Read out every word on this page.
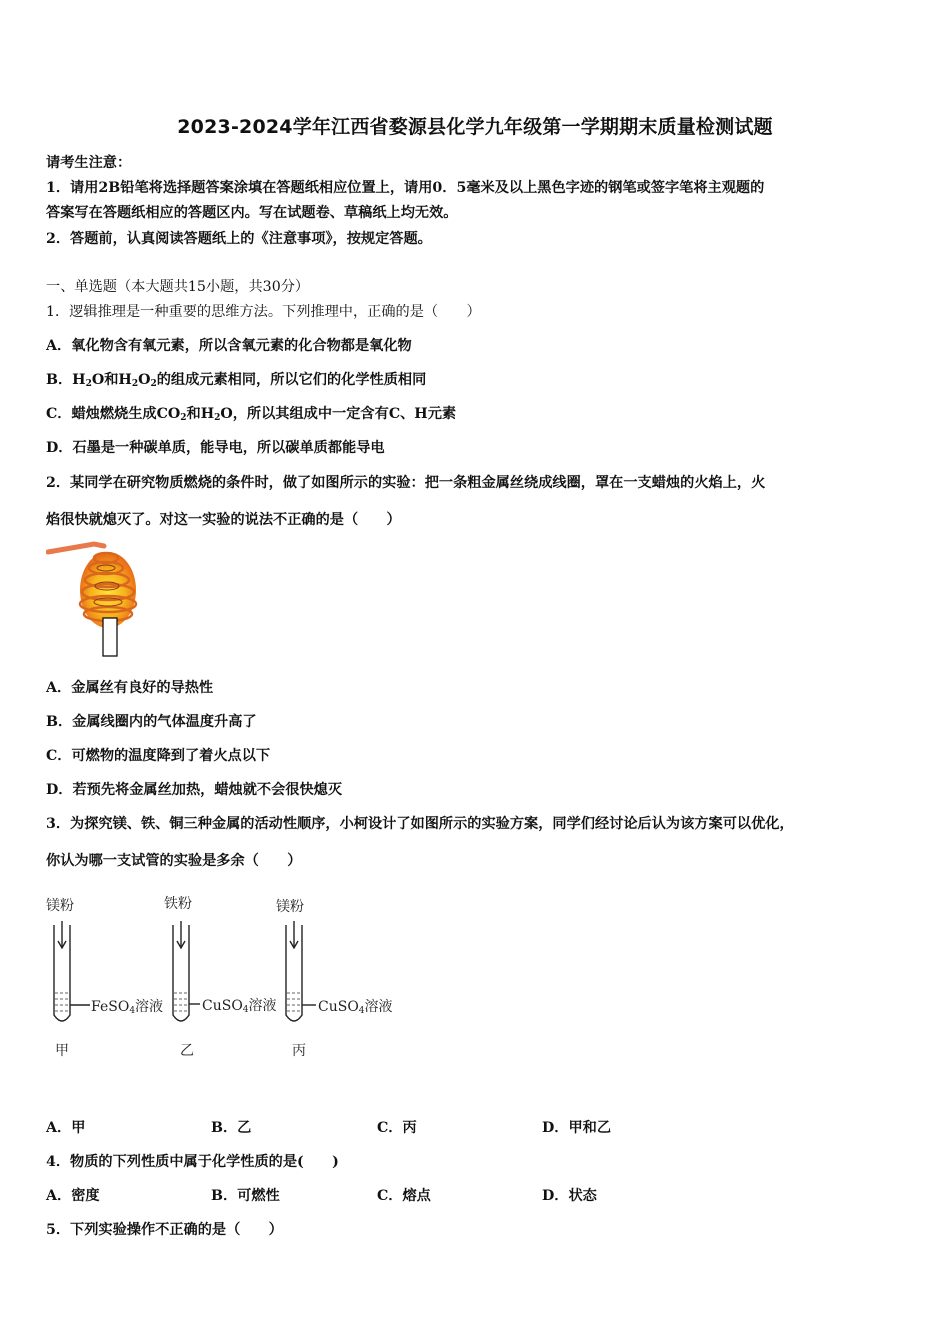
2023-2024学年江西省婺源县化学九年级第一学期期末质量检测试题
请考生注意：
1．请用2B铅笔将选择题答案涂填在答题纸相应位置上，请用0．5毫米及以上黑色字迹的钢笔或签字笔将主观题的
答案写在答题纸相应的答题区内。写在试题卷、草稿纸上均无效。
2．答题前，认真阅读答题纸上的《注意事项》，按规定答题。
一、单选题（本大题共15小题，共30分）
1．逻辑推理是一种重要的思维方法。下列推理中，正确的是（　　）
A．氧化物含有氧元素，所以含氧元素的化合物都是氧化物
B．$H_2O$和$H_2O_2$的组成元素相同，所以它们的化学性质相同
C．蜡烛燃烧生成$CO_2$和$H_2O$，所以其组成中一定含有C、H元素
D．石墨是一种碳单质，能导电，所以碳单质都能导电
2．某同学在研究物质燃烧的条件时，做了如图所示的实验：把一条粗金属丝绕成线圈，罩在一支蜡烛的火焰上，火
焰很快就熄灭了。对这一实验的说法不正确的是（　　）
A．金属丝有良好的导热性
B．金属线圈内的气体温度升高了
C．可燃物的温度降到了着火点以下
D．若预先将金属丝加热，蜡烛就不会很快熄灭
3．为探究镁、铁、铜三种金属的活动性顺序，小柯设计了如图所示的实验方案，同学们经讨论后认为该方案可以优化，
你认为哪一支试管的实验是多余（　　）
镁粉	铁粉	镁粉
FeSO$_4$溶液	CuSO$_4$溶液	CuSO$_4$溶液
甲	乙	丙
A．甲	B．乙	C．丙	D．甲和乙
4．物质的下列性质中属于化学性质的是(　　)
A．密度	B．可燃性	C．熔点	D．状态
5．下列实验操作不正确的是（　　）
